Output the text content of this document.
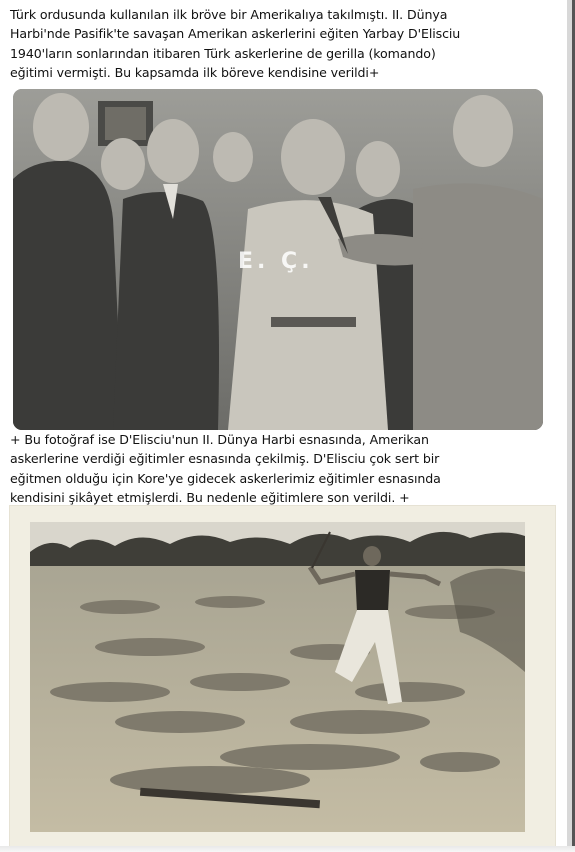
Türk ordusunda kullanılan ilk bröve bir Amerikalıya takılmıştı. II. Dünya
Harbi'nde Pasifik'te savaşan Amerikan askerlerini eğiten Yarbay D'Elisciu
1940'ların sonlarından itibaren Türk askerlerine de gerilla (komando)
eğitimi vermişti. Bu kapsamda ilk böreve kendisine verildi+
E. Ç.
+ Bu fotoğraf ise D'Elisciu'nun II. Dünya Harbi esnasında, Amerikan
askerlerine verdiği eğitimler esnasında çekilmiş. D'Elisciu çok sert bir
eğitmen olduğu için Kore'ye gidecek askerlerimiz eğitimler esnasında
kendisini şikâyet etmişlerdi. Bu nedenle eğitimlere son verildi. +
